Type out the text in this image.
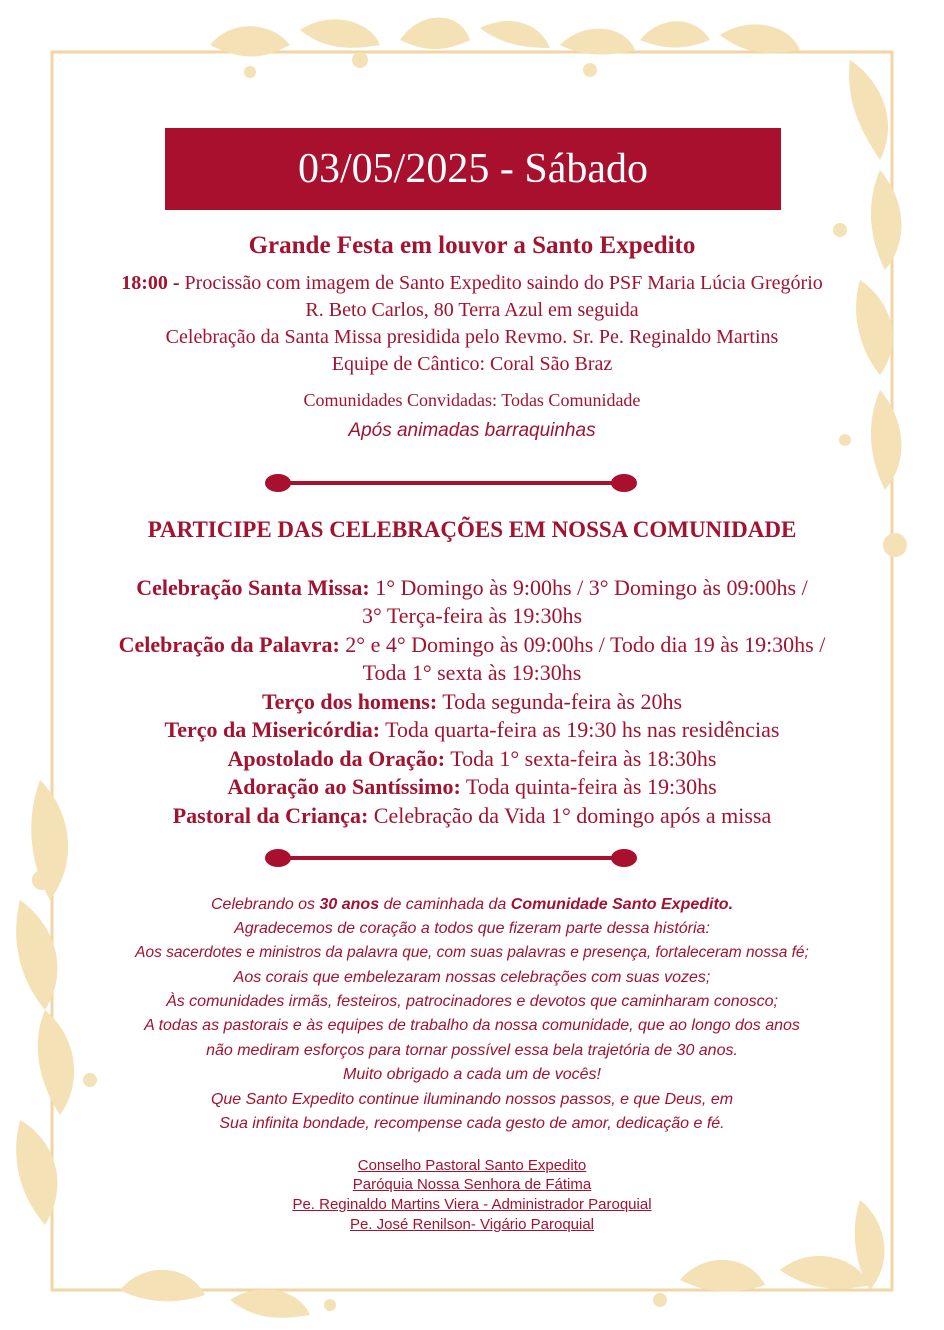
03/05/2025 - Sábado
Grande Festa em louvor a Santo Expedito
18:00 - Procissão com imagem de Santo Expedito saindo do PSF Maria Lúcia Gregório
R. Beto Carlos, 80 Terra Azul em seguida
Celebração da Santa Missa presidida pelo Revmo. Sr. Pe. Reginaldo Martins
Equipe de Cântico: Coral São Braz
Comunidades Convidadas: Todas Comunidade
Após animadas barraquinhas
PARTICIPE DAS CELEBRAÇÕES EM NOSSA COMUNIDADE
Celebração Santa Missa: 1° Domingo às 9:00hs / 3° Domingo às 09:00hs /
3° Terça-feira às 19:30hs
Celebração da Palavra: 2° e 4° Domingo às 09:00hs / Todo dia 19 às 19:30hs /
Toda 1° sexta às 19:30hs
Terço dos homens: Toda segunda-feira às 20hs
Terço da Misericórdia: Toda quarta-feira as 19:30 hs nas residências
Apostolado da Oração: Toda 1° sexta-feira às 18:30hs
Adoração ao Santíssimo: Toda quinta-feira às 19:30hs
Pastoral da Criança: Celebração da Vida 1° domingo após a missa
Celebrando os 30 anos de caminhada da Comunidade Santo Expedito.
Agradecemos de coração a todos que fizeram parte dessa história:
Aos sacerdotes e ministros da palavra que, com suas palavras e presença, fortaleceram nossa fé;
Aos corais que embelezaram nossas celebrações com suas vozes;
Às comunidades irmãs, festeiros, patrocinadores e devotos que caminharam conosco;
A todas as pastorais e às equipes de trabalho da nossa comunidade, que ao longo dos anos
não mediram esforços para tornar possível essa bela trajetória de 30 anos.
Muito obrigado a cada um de vocês!
Que Santo Expedito continue iluminando nossos passos, e que Deus, em
Sua infinita bondade, recompense cada gesto de amor, dedicação e fé.
Conselho Pastoral Santo Expedito
Paróquia Nossa Senhora de Fátima
Pe. Reginaldo Martins Viera - Administrador Paroquial
Pe. José Renilson- Vigário Paroquial
